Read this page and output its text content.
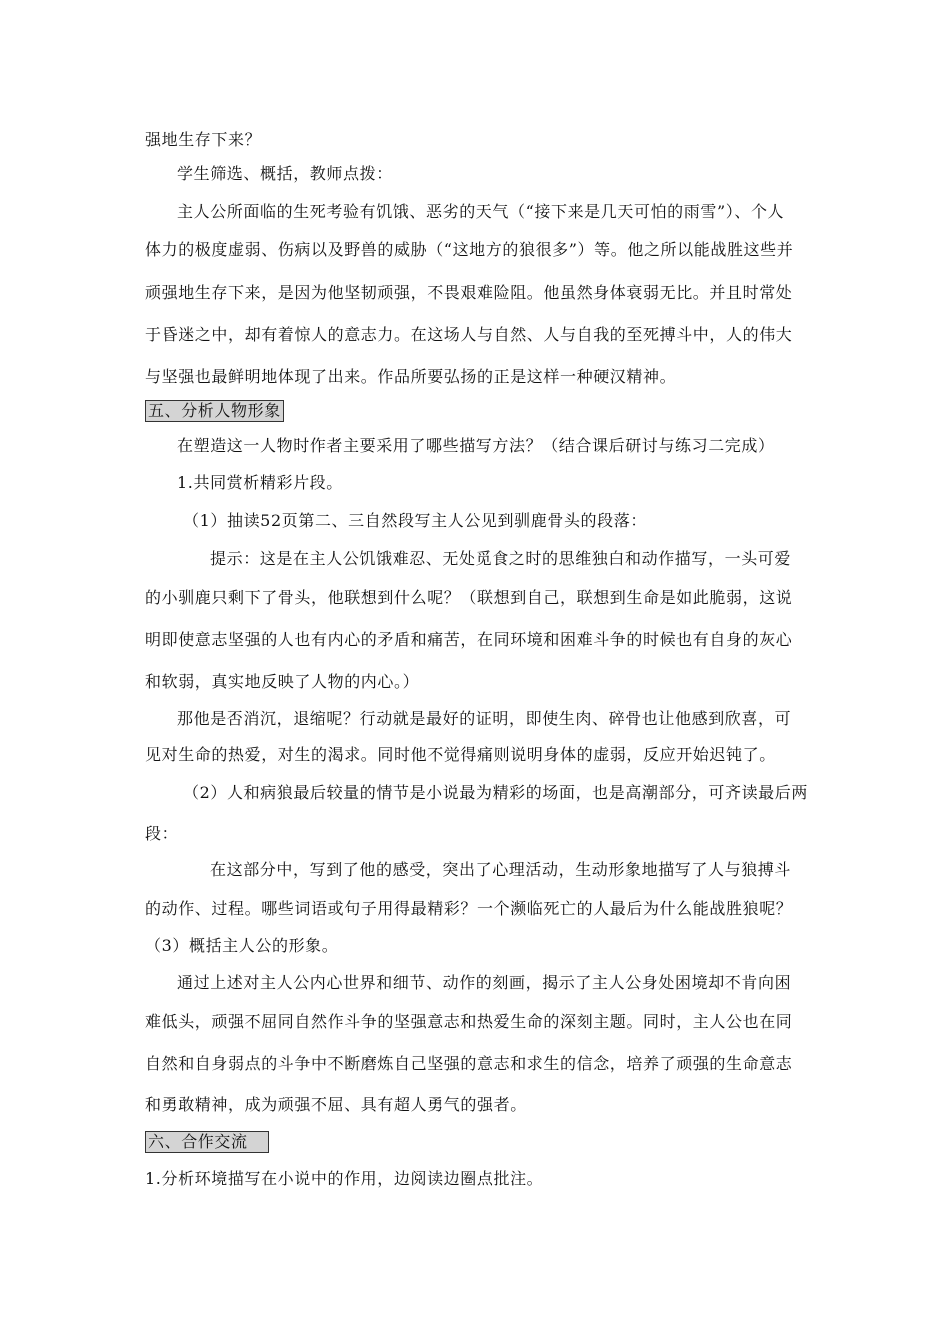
强地生存下来？
学生筛选、概括，教师点拨：
主人公所面临的生死考验有饥饿、恶劣的天气（“接下来是几天可怕的雨雪”）、个人
体力的极度虚弱、伤病以及野兽的威胁（“这地方的狼很多”）等。他之所以能战胜这些并
顽强地生存下来，是因为他坚韧顽强，不畏艰难险阻。他虽然身体衰弱无比。并且时常处
于昏迷之中，却有着惊人的意志力。在这场人与自然、人与自我的至死搏斗中，人的伟大
与坚强也最鲜明地体现了出来。作品所要弘扬的正是这样一种硬汉精神。
五、分析人物形象
在塑造这一人物时作者主要采用了哪些描写方法？（结合课后研讨与练习二完成）
1.共同赏析精彩片段。
（1）抽读52页第二、三自然段写主人公见到驯鹿骨头的段落：
提示：这是在主人公饥饿难忍、无处觅食之时的思维独白和动作描写，一头可爱
的小驯鹿只剩下了骨头，他联想到什么呢？（联想到自己，联想到生命是如此脆弱，这说
明即使意志坚强的人也有内心的矛盾和痛苦，在同环境和困难斗争的时候也有自身的灰心
和软弱，真实地反映了人物的内心。）
那他是否消沉，退缩呢？行动就是最好的证明，即使生肉、碎骨也让他感到欣喜，可
见对生命的热爱，对生的渴求。同时他不觉得痛则说明身体的虚弱，反应开始迟钝了。
（2）人和病狼最后较量的情节是小说最为精彩的场面，也是高潮部分，可齐读最后两
段：
在这部分中，写到了他的感受，突出了心理活动，生动形象地描写了人与狼搏斗
的动作、过程。哪些词语或句子用得最精彩？一个濒临死亡的人最后为什么能战胜狼呢？
（3）概括主人公的形象。
通过上述对主人公内心世界和细节、动作的刻画，揭示了主人公身处困境却不肯向困
难低头，顽强不屈同自然作斗争的坚强意志和热爱生命的深刻主题。同时，主人公也在同
自然和自身弱点的斗争中不断磨炼自己坚强的意志和求生的信念，培养了顽强的生命意志
和勇敢精神，成为顽强不屈、具有超人勇气的强者。
六、合作交流
1.分析环境描写在小说中的作用，边阅读边圈点批注。
